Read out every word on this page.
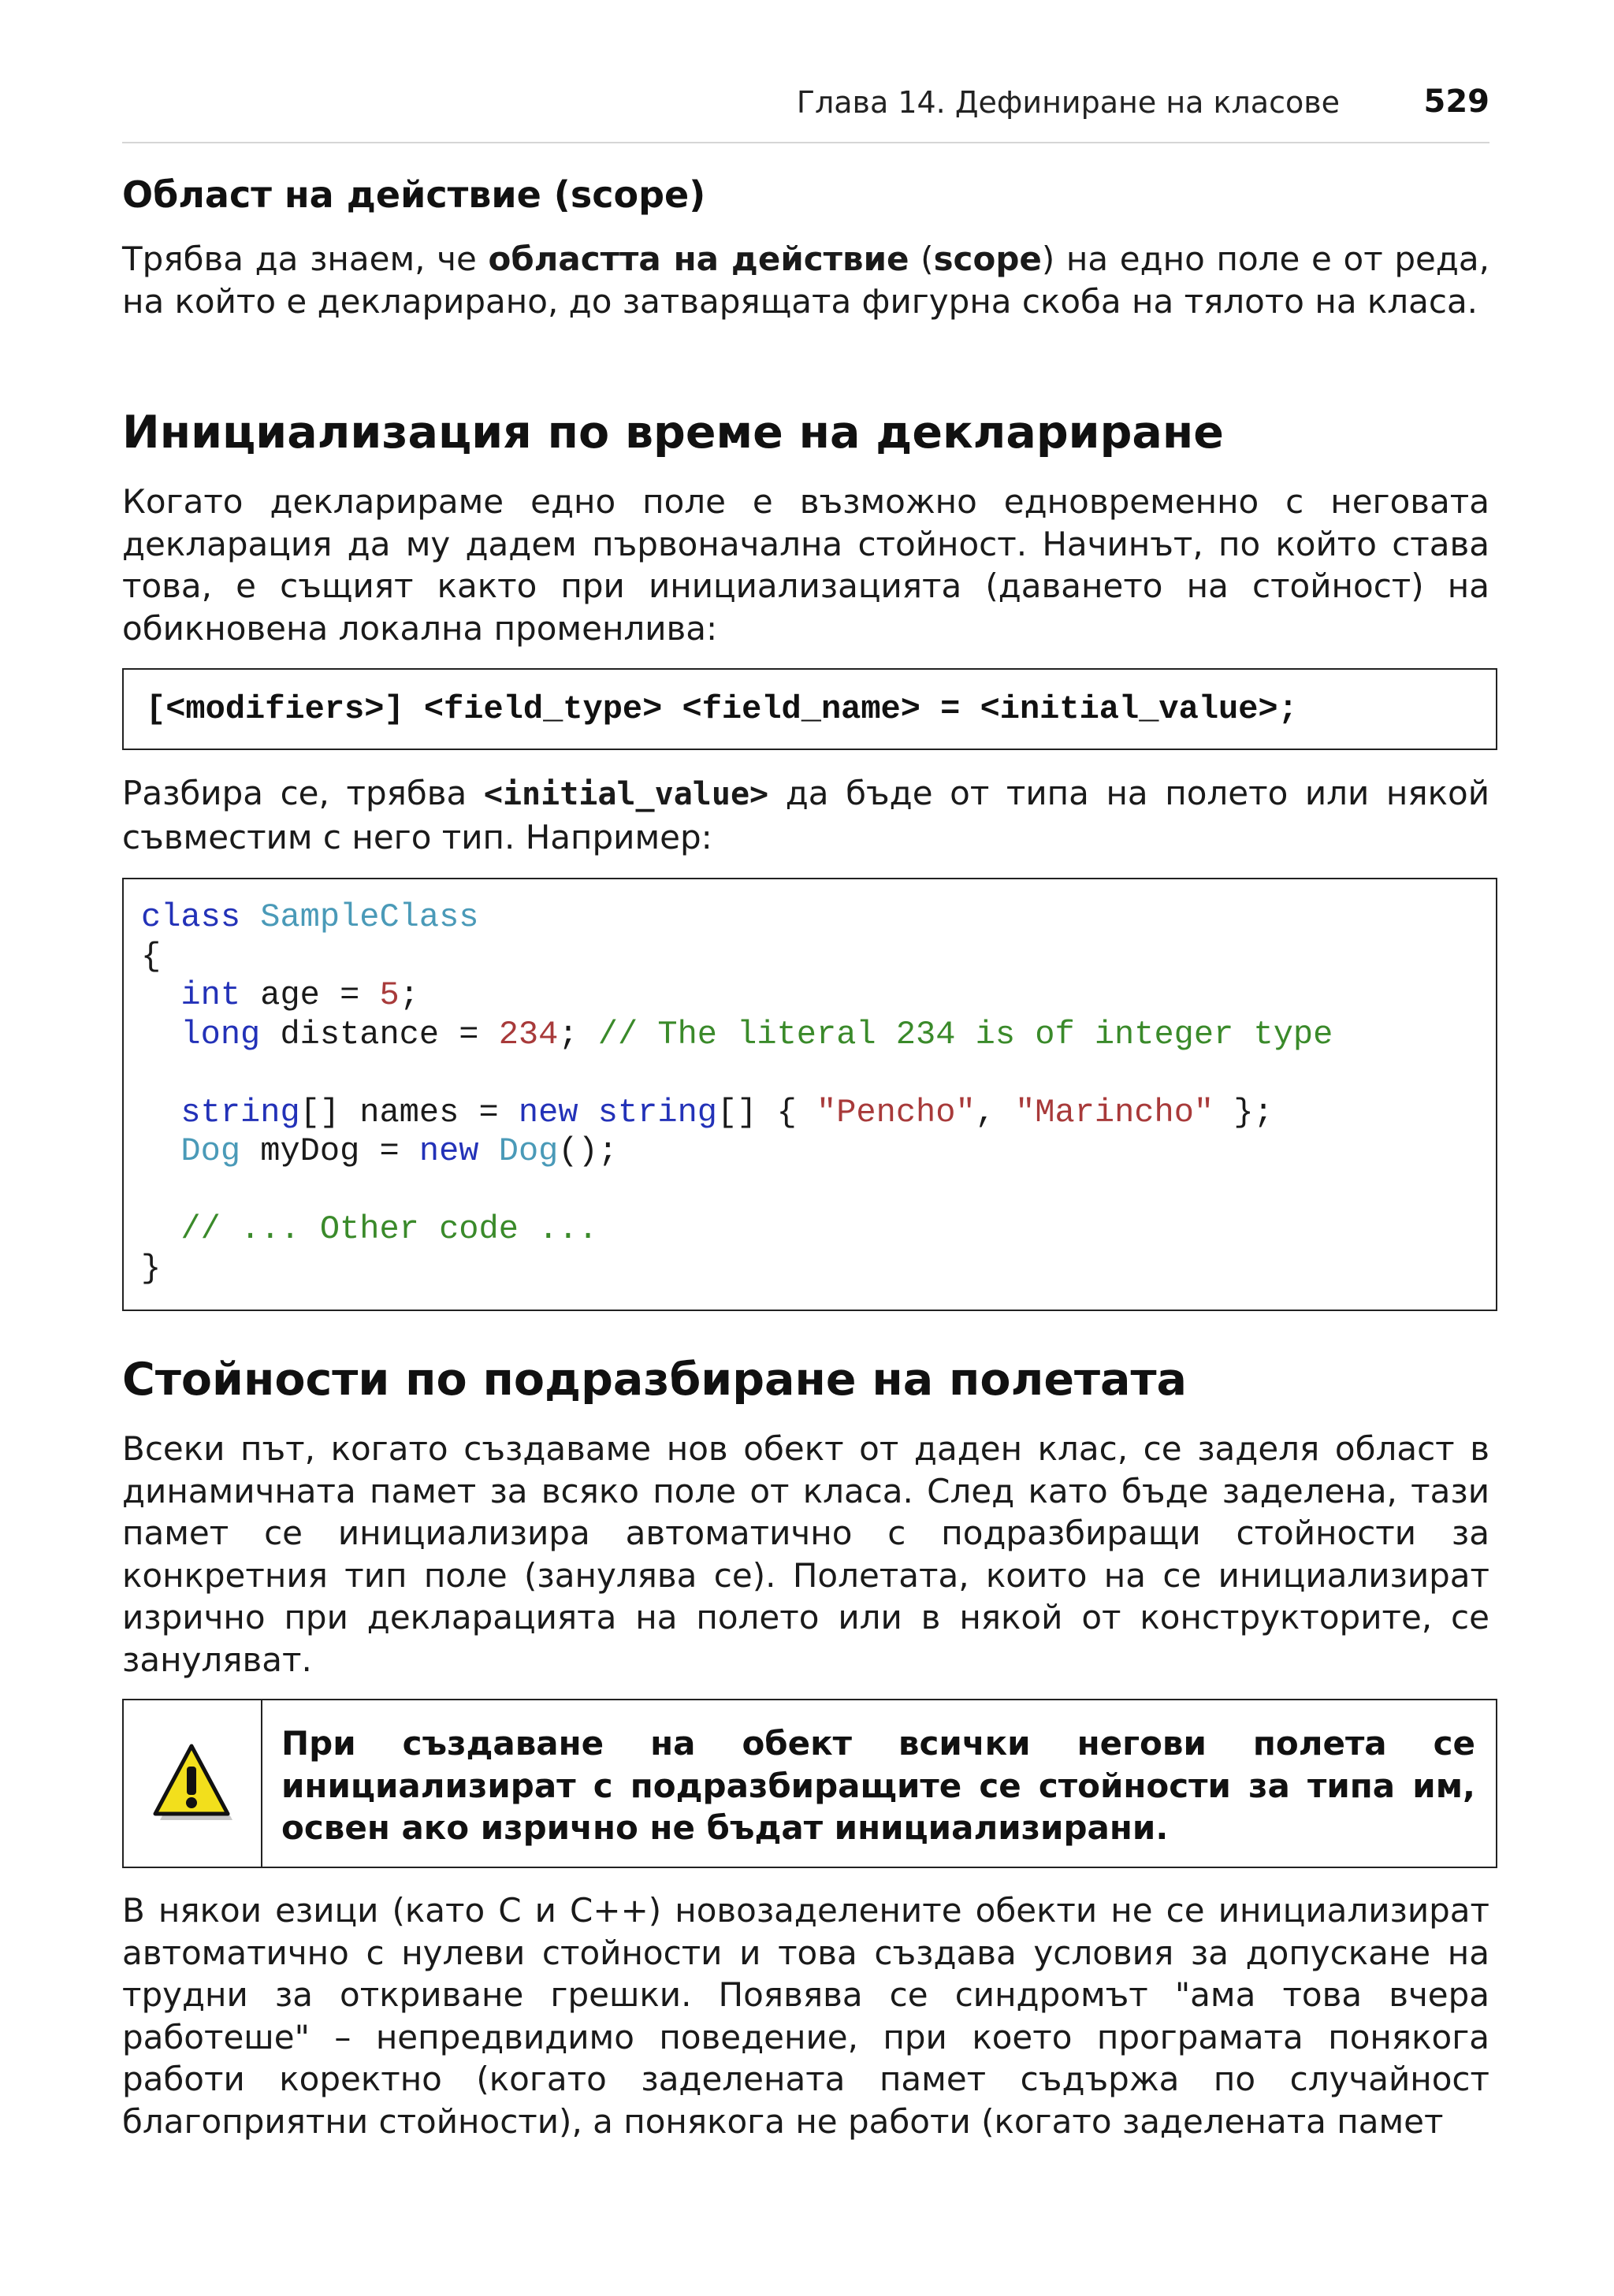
Глава 14. Дефиниране на класове	529
Област на действие (scope)

Трябва да знаем, че областта на действие (scope) на едно поле е от реда, на който е декларирано, до затварящата фигурна скоба на тялото на класа.

Инициализация по време на деклариране

Когато декларираме едно поле е възможно едновременно с неговата декларация да му дадем първоначална стойност. Начинът, по който става това, е същият както при инициализацията (даването на стойност) на обикновена локална променлива:

[<modifiers>] <field_type> <field_name> = <initial_value>;

Разбира се, трябва <initial_value> да бъде от типа на полето или някой съвместим с него тип. Например:

class SampleClass
{
int age = 5;
long distance = 234; // The literal 234 is of integer type

string[] names = new string[] { "Pencho", "Marincho" };
Dog myDog = new Dog();

// ... Other code ...
}
Стойности по подразбиране на полетата

Всеки път, когато създаваме нов обект от даден клас, се заделя област в динамичната памет за всяко поле от класа. След като бъде заделена, тази памет се инициализира автоматично с подразбиращи стойности за конкретния тип поле (занулява се). Полетата, които на се инициализират изрично при декларацията на полето или в някой от конструкторите, се зануляват.

При създаване на обект всички негови полета се инициализират с подразбиращите се стойности за типа им, освен ако изрично не бъдат инициализирани.

В някои езици (като C и C++) новозаделените обекти не се инициализират автоматично с нулеви стойности и това създава условия за допускане на трудни за откриване грешки. Появява се синдромът "ама това вчера работеше" – непредвидимо поведение, при което програмата понякога работи коректно (когато заделената памет съдържа по случайност благоприятни стойности), а понякога не работи (когато заделената памет
